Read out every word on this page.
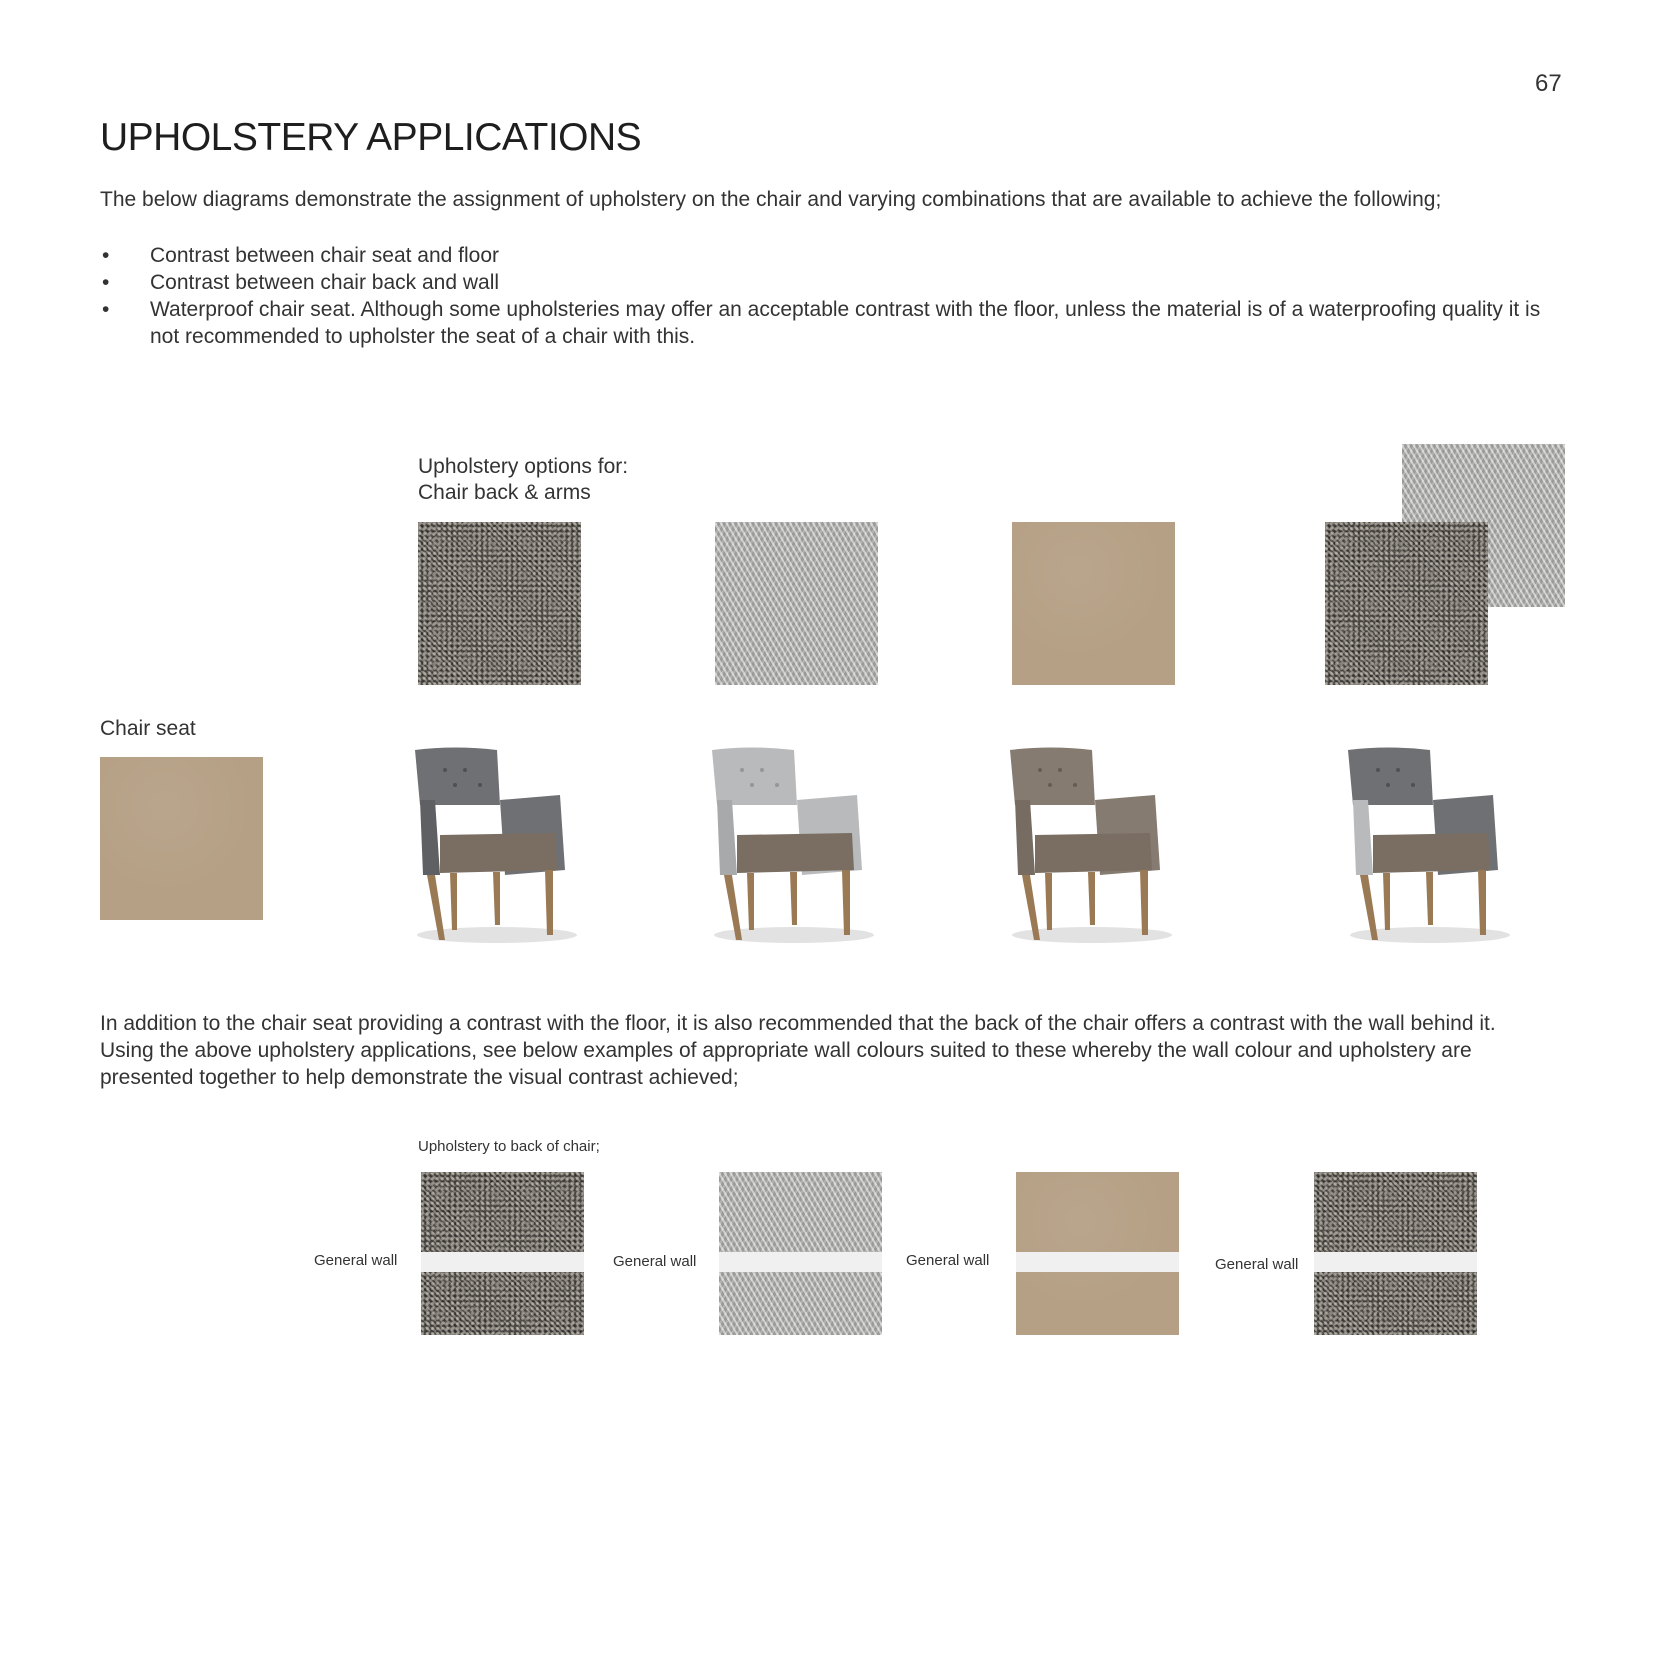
67
UPHOLSTERY APPLICATIONS
The below diagrams demonstrate the assignment of upholstery on the chair and varying combinations that are available to achieve the following;
• Contrast between chair seat and floor
• Contrast between chair back and wall
• Waterproof chair seat. Although some upholsteries may offer an acceptable contrast with the floor, unless the material is of a waterproofing quality it is not recommended to upholster the seat of a chair with this.
Upholstery options for:
Chair back & arms
Chair seat
In addition to the chair seat providing a contrast with the floor, it is also recommended that the back of the chair offers a contrast with the wall behind it. Using the above upholstery applications, see below examples of appropriate wall colours suited to these whereby the wall colour and upholstery are presented together to help demonstrate the visual contrast achieved;
Upholstery to back of chair;
General wall	General wall	General wall	General wall
